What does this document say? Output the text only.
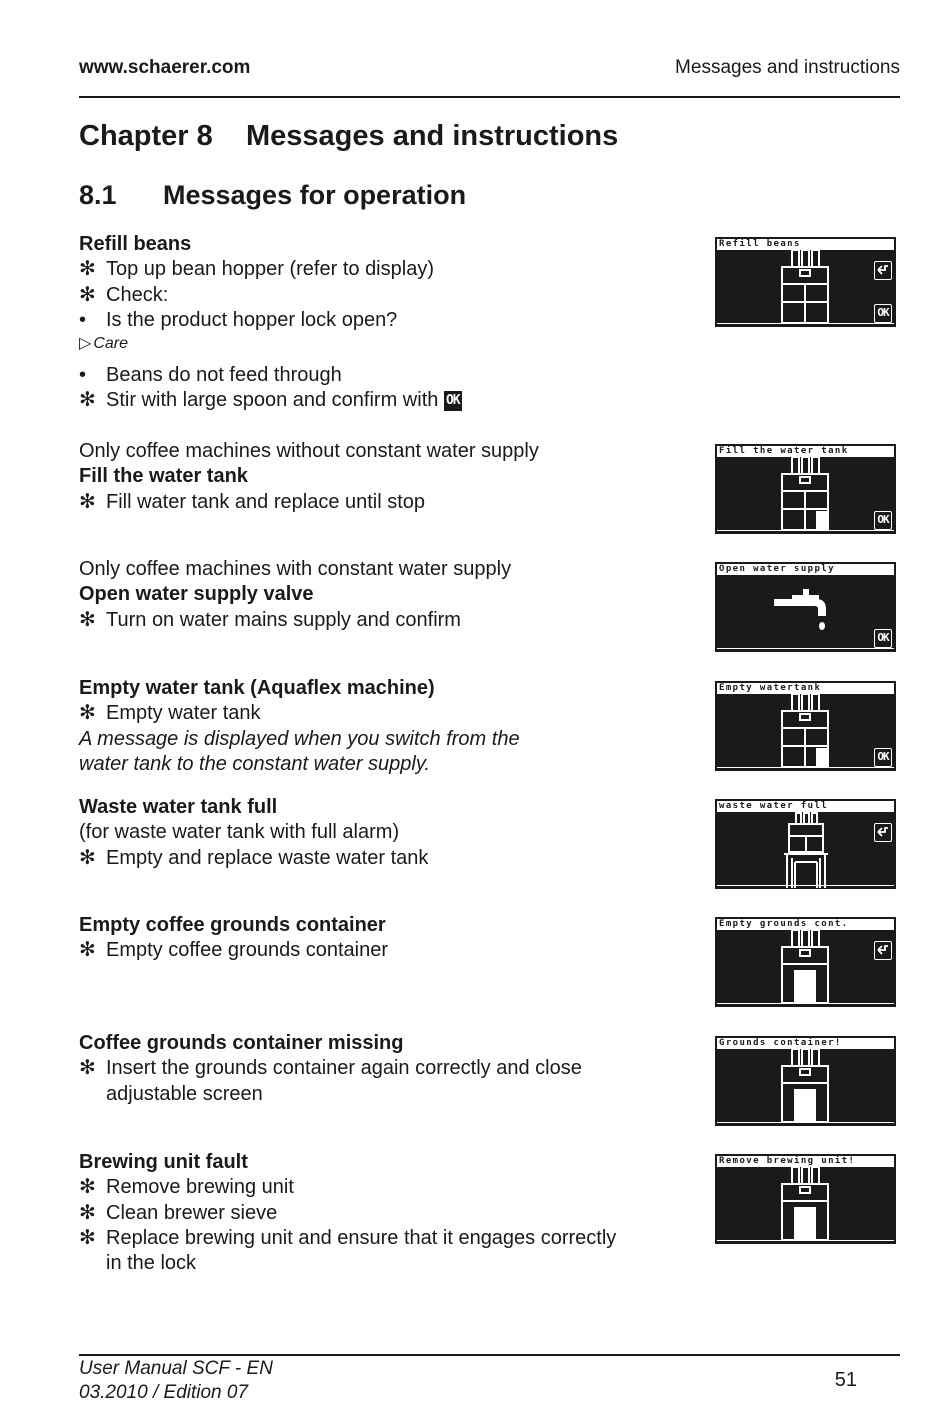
www.schaerer.com	Messages and instructions
Chapter 8 Messages and instructions
8.1 Messages for operation
Refill beans
✻ Top up bean hopper (refer to display)
✻ Check:
• Is the product hopper lock open?
▷ Care
• Beans do not feed through
✻ Stir with large spoon and confirm with OK
Only coffee machines without constant water supply
Fill the water tank
✻ Fill water tank and replace until stop
Only coffee machines with constant water supply
Open water supply valve
✻ Turn on water mains supply and confirm
Empty water tank (Aquaflex machine)
✻ Empty water tank
A message is displayed when you switch from the
water tank to the constant water supply.
Waste water tank full
(for waste water tank with full alarm)
✻ Empty and replace waste water tank
Empty coffee grounds container
✻ Empty coffee grounds container
Coffee grounds container missing
✻ Insert the grounds container again correctly and close
adjustable screen
Brewing unit fault
✻ Remove brewing unit
✻ Clean brewer sieve
✻ Replace brewing unit and ensure that it engages correctly
in the lock
Refill beans
OK
Fill the water tank
OK
Open water supply
OK
Empty watertank
OK
waste water full
Empty grounds cont.
Grounds container!
Remove brewing unit!
User Manual SCF - EN
03.2010 / Edition 07
51
